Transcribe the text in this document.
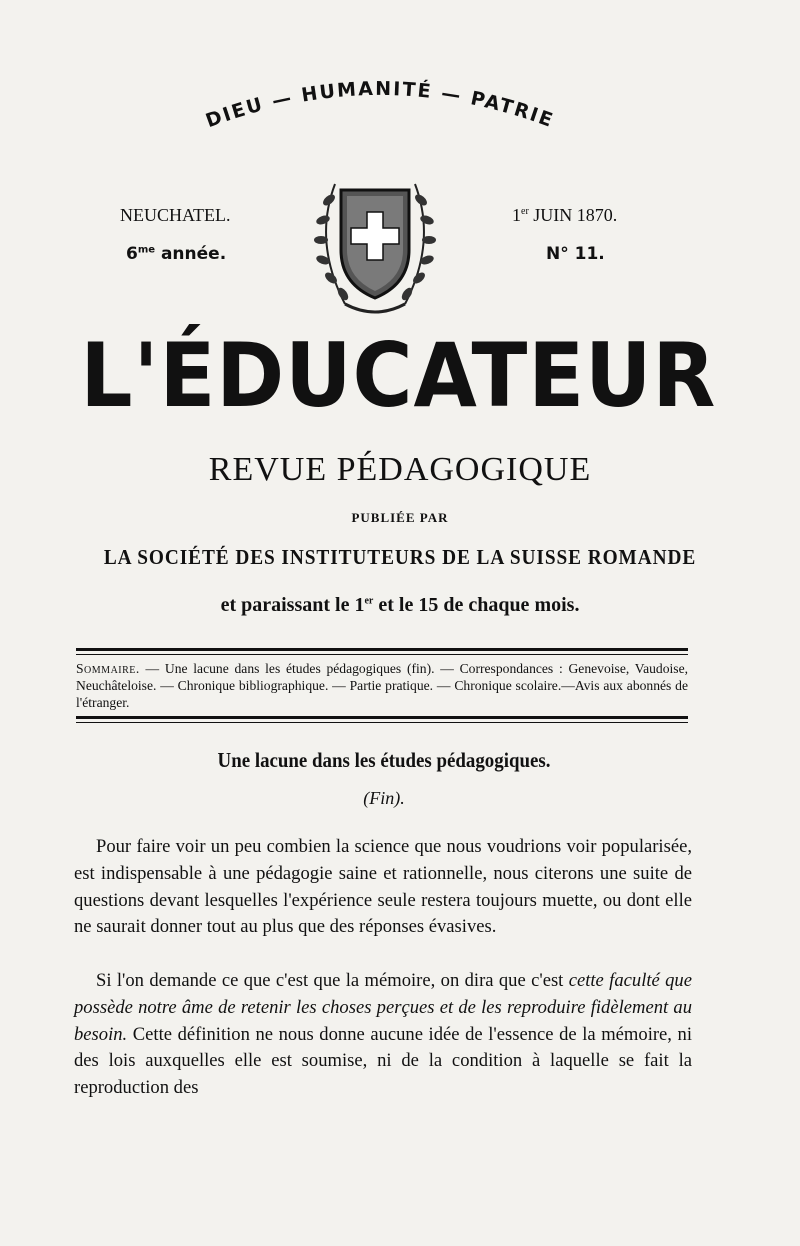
DIEU — HUMANITÉ — PATRIE
NEUCHATEL.	1er JUIN 1870.
$6^{me}$ année.	N° 11.
L'ÉDUCATEUR
REVUE PÉDAGOGIQUE
PUBLIÉE PAR
LA SOCIÉTÉ DES INSTITUTEURS DE LA SUISSE ROMANDE
et paraissant le 1er et le 15 de chaque mois.
Sommaire. — Une lacune dans les études pédagogiques (fin). — Correspondances : Genevoise, Vaudoise, Neuchâteloise. — Chronique bibliographique. — Partie pratique. — Chronique scolaire.—Avis aux abonnés de l'étranger.
Une lacune dans les études pédagogiques.
(Fin).
Pour faire voir un peu combien la science que nous voudrions voir popularisée, est indispensable à une pédagogie saine et rationnelle, nous citerons une suite de questions devant lesquelles l'expérience seule restera toujours muette, ou dont elle ne saurait donner tout au plus que des réponses évasives.
Si l'on demande ce que c'est que la mémoire, on dira que c'est cette faculté que possède notre âme de retenir les choses perçues et de les reproduire fidèlement au besoin. Cette définition ne nous donne aucune idée de l'essence de la mémoire, ni des lois auxquelles elle est soumise, ni de la condition à laquelle se fait la reproduction des
